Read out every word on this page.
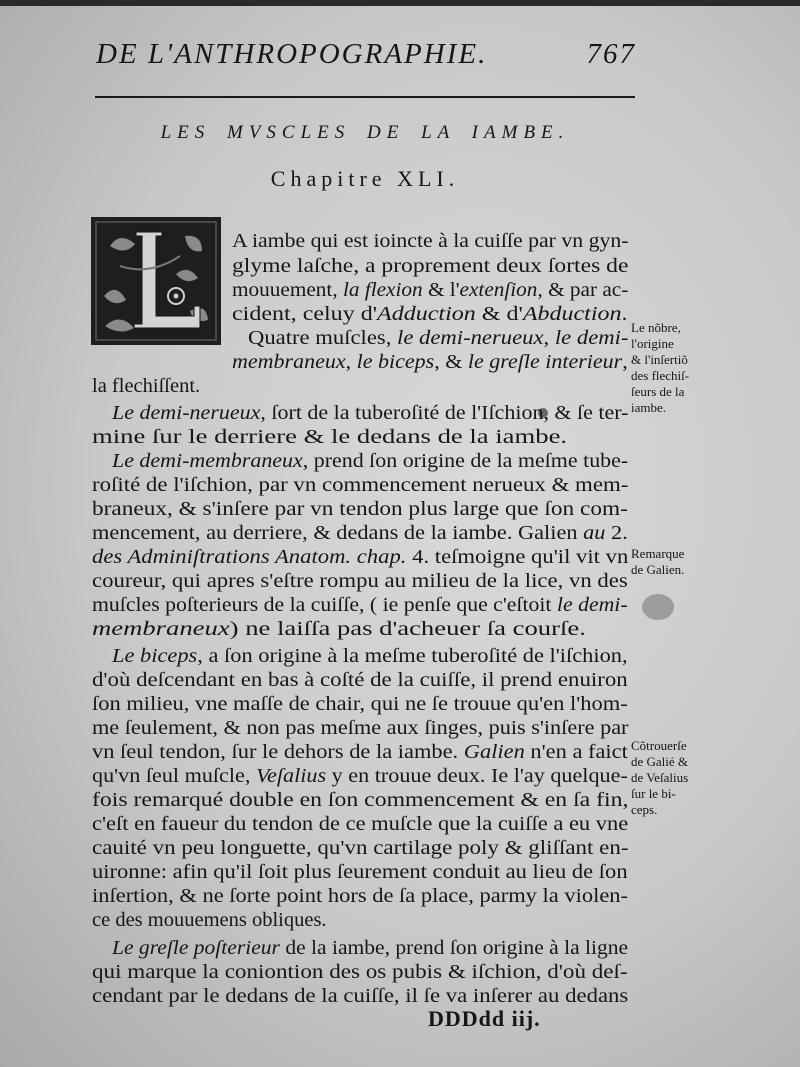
DE L'ANTHROPOGRAPHIE.	767
LES MVSCLES DE LA IAMBE.
Chapitre XLI.
A iambe qui est ioincte à la cuiſſe par vn gyn-
glyme laſche, a proprement deux ſortes de
mouuement, la flexion & l'extenſion, & par ac-
cident, celuy d'Adduction & d'Abduction.
Quatre muſcles, le demi-nerueux, le demi-
membraneux, le biceps, & le greſle interieur,
la flechiſſent.
Le demi-nerueux, ſort de la tuberoſité de l'Iſchion, & ſe ter-
mine ſur le derriere & le dedans de la iambe.
Le demi-membraneux, prend ſon origine de la meſme tube-
roſité de l'iſchion, par vn commencement nerueux & mem-
braneux, & s'inſere par vn tendon plus large que ſon com-
mencement, au derriere, & dedans de la iambe. Galien au 2.
des Adminiſtrations Anatom. chap. 4. teſmoigne qu'il vit vn
coureur, qui apres s'eſtre rompu au milieu de la lice, vn des
muſcles poſterieurs de la cuiſſe, ( ie penſe que c'eſtoit le demi-
membraneux) ne laiſſa pas d'acheuer ſa courſe.
Le biceps, a ſon origine à la meſme tuberoſité de l'iſchion,
d'où deſcendant en bas à coſté de la cuiſſe, il prend enuiron
ſon milieu, vne maſſe de chair, qui ne ſe trouue qu'en l'hom-
me ſeulement, & non pas meſme aux ſinges, puis s'inſere par
vn ſeul tendon, ſur le dehors de la iambe. Galien n'en a faict
qu'vn ſeul muſcle, Veſalius y en trouue deux. Ie l'ay quelque-
fois remarqué double en ſon commencement & en ſa fin,
c'eſt en faueur du tendon de ce muſcle que la cuiſſe a eu vne
cauité vn peu longuette, qu'vn cartilage poly & gliſſant en-
uironne: afin qu'il ſoit plus ſeurement conduit au lieu de ſon
inſertion, & ne ſorte point hors de ſa place, parmy la violen-
ce des mouuemens obliques.
Le greſle poſterieur de la iambe, prend ſon origine à la ligne
qui marque la coniontion des os pubis & iſchion, d'où deſ-
cendant par le dedans de la cuiſſe, il ſe va inſerer au dedans
Le nõbre,
l'origine
& l'inſertiõ
des flechiſ-
ſeurs de la
iambe.
Remarque
de Galien.
Cõtrouerſe
de Galié &
de Veſalius
ſur le bi-
ceps.
DDDdd iij.
